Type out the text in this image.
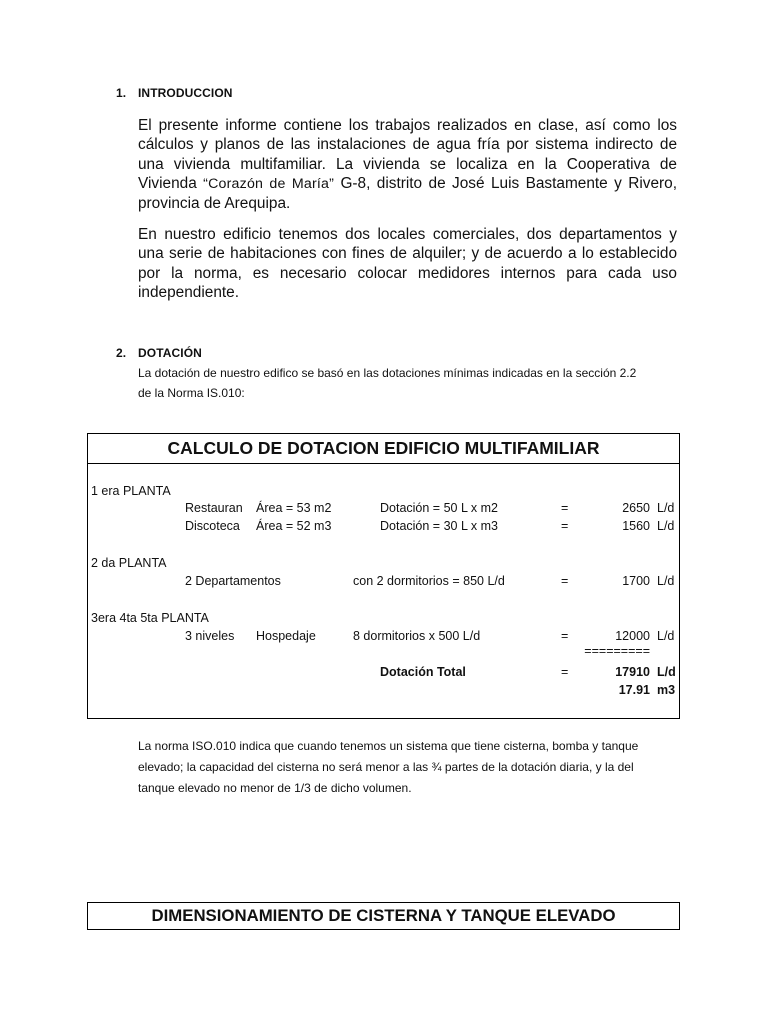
1. INTRODUCCION

El presente informe contiene los trabajos realizados en clase, así como los cálculos y planos de las instalaciones de agua fría por sistema indirecto de una vivienda multifamiliar. La vivienda se localiza en la Cooperativa de Vivienda “Corazón de María” G-8, distrito de José Luis Bastamente y Rivero, provincia de Arequipa.

En nuestro edificio tenemos dos locales comerciales, dos departamentos y una serie de habitaciones con fines de alquiler; y de acuerdo a lo establecido por la norma, es necesario colocar medidores internos para cada uso independiente.

2. DOTACIÓN

La dotación de nuestro edifico se basó en las dotaciones mínimas indicadas en la sección 2.2
de la Norma IS.010:

CALCULO DE DOTACION EDIFICIO MULTIFAMILIAR
1 era PLANTA
Restauran Área = 53 m2	Dotación = 50 L x m2	=	2650 L/d
Discoteca Área = 52 m3	Dotación = 30 L x m3	=	1560 L/d
2 da PLANTA
2 Departamentos	con 2 dormitorios = 850 L/d	=	1700 L/d
3era 4ta 5ta PLANTA
3 niveles Hospedaje	8 dormitorios x 500 L/d	=	12000 L/d
=========
Dotación Total	=	17910 L/d
17.91 m3

La norma ISO.010 indica que cuando tenemos un sistema que tiene cisterna, bomba y tanque
elevado; la capacidad del cisterna no será menor a las ¾ partes de la dotación diaria, y la del
tanque elevado no menor de 1/3 de dicho volumen.

DIMENSIONAMIENTO DE CISTERNA Y TANQUE ELEVADO
